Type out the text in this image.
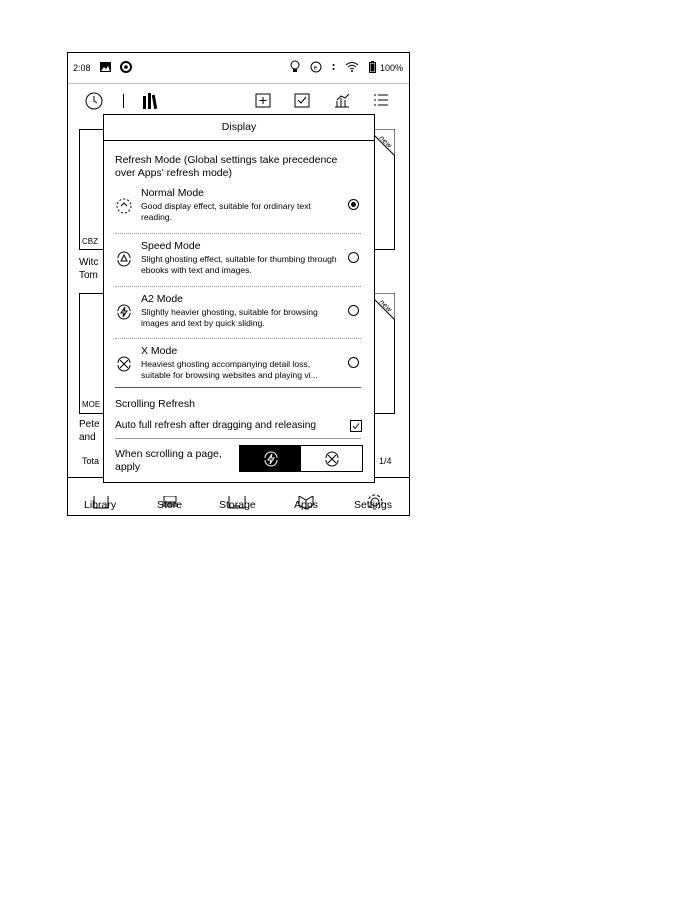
2:08	e	100%
CBZ
new
Witc
Tom
MOE
new
Pete
and
Tota	1/4
Library	Store	Storage	Apps	Settings
Display
Refresh Mode (Global settings take precedence over Apps' refresh mode)
Normal Mode
Good display effect, suitable for ordinary text reading.
Speed Mode
Slight ghosting effect, suitable for thumbing through ebooks with text and images.
A2 Mode
Slightly heavier ghosting, suitable for browsing images and text by quick sliding.
X Mode
Heaviest ghosting accompanying detail loss, suitable for browsing websites and playing vi...
Scrolling Refresh
Auto full refresh after dragging and releasing
When scrolling a page, apply
